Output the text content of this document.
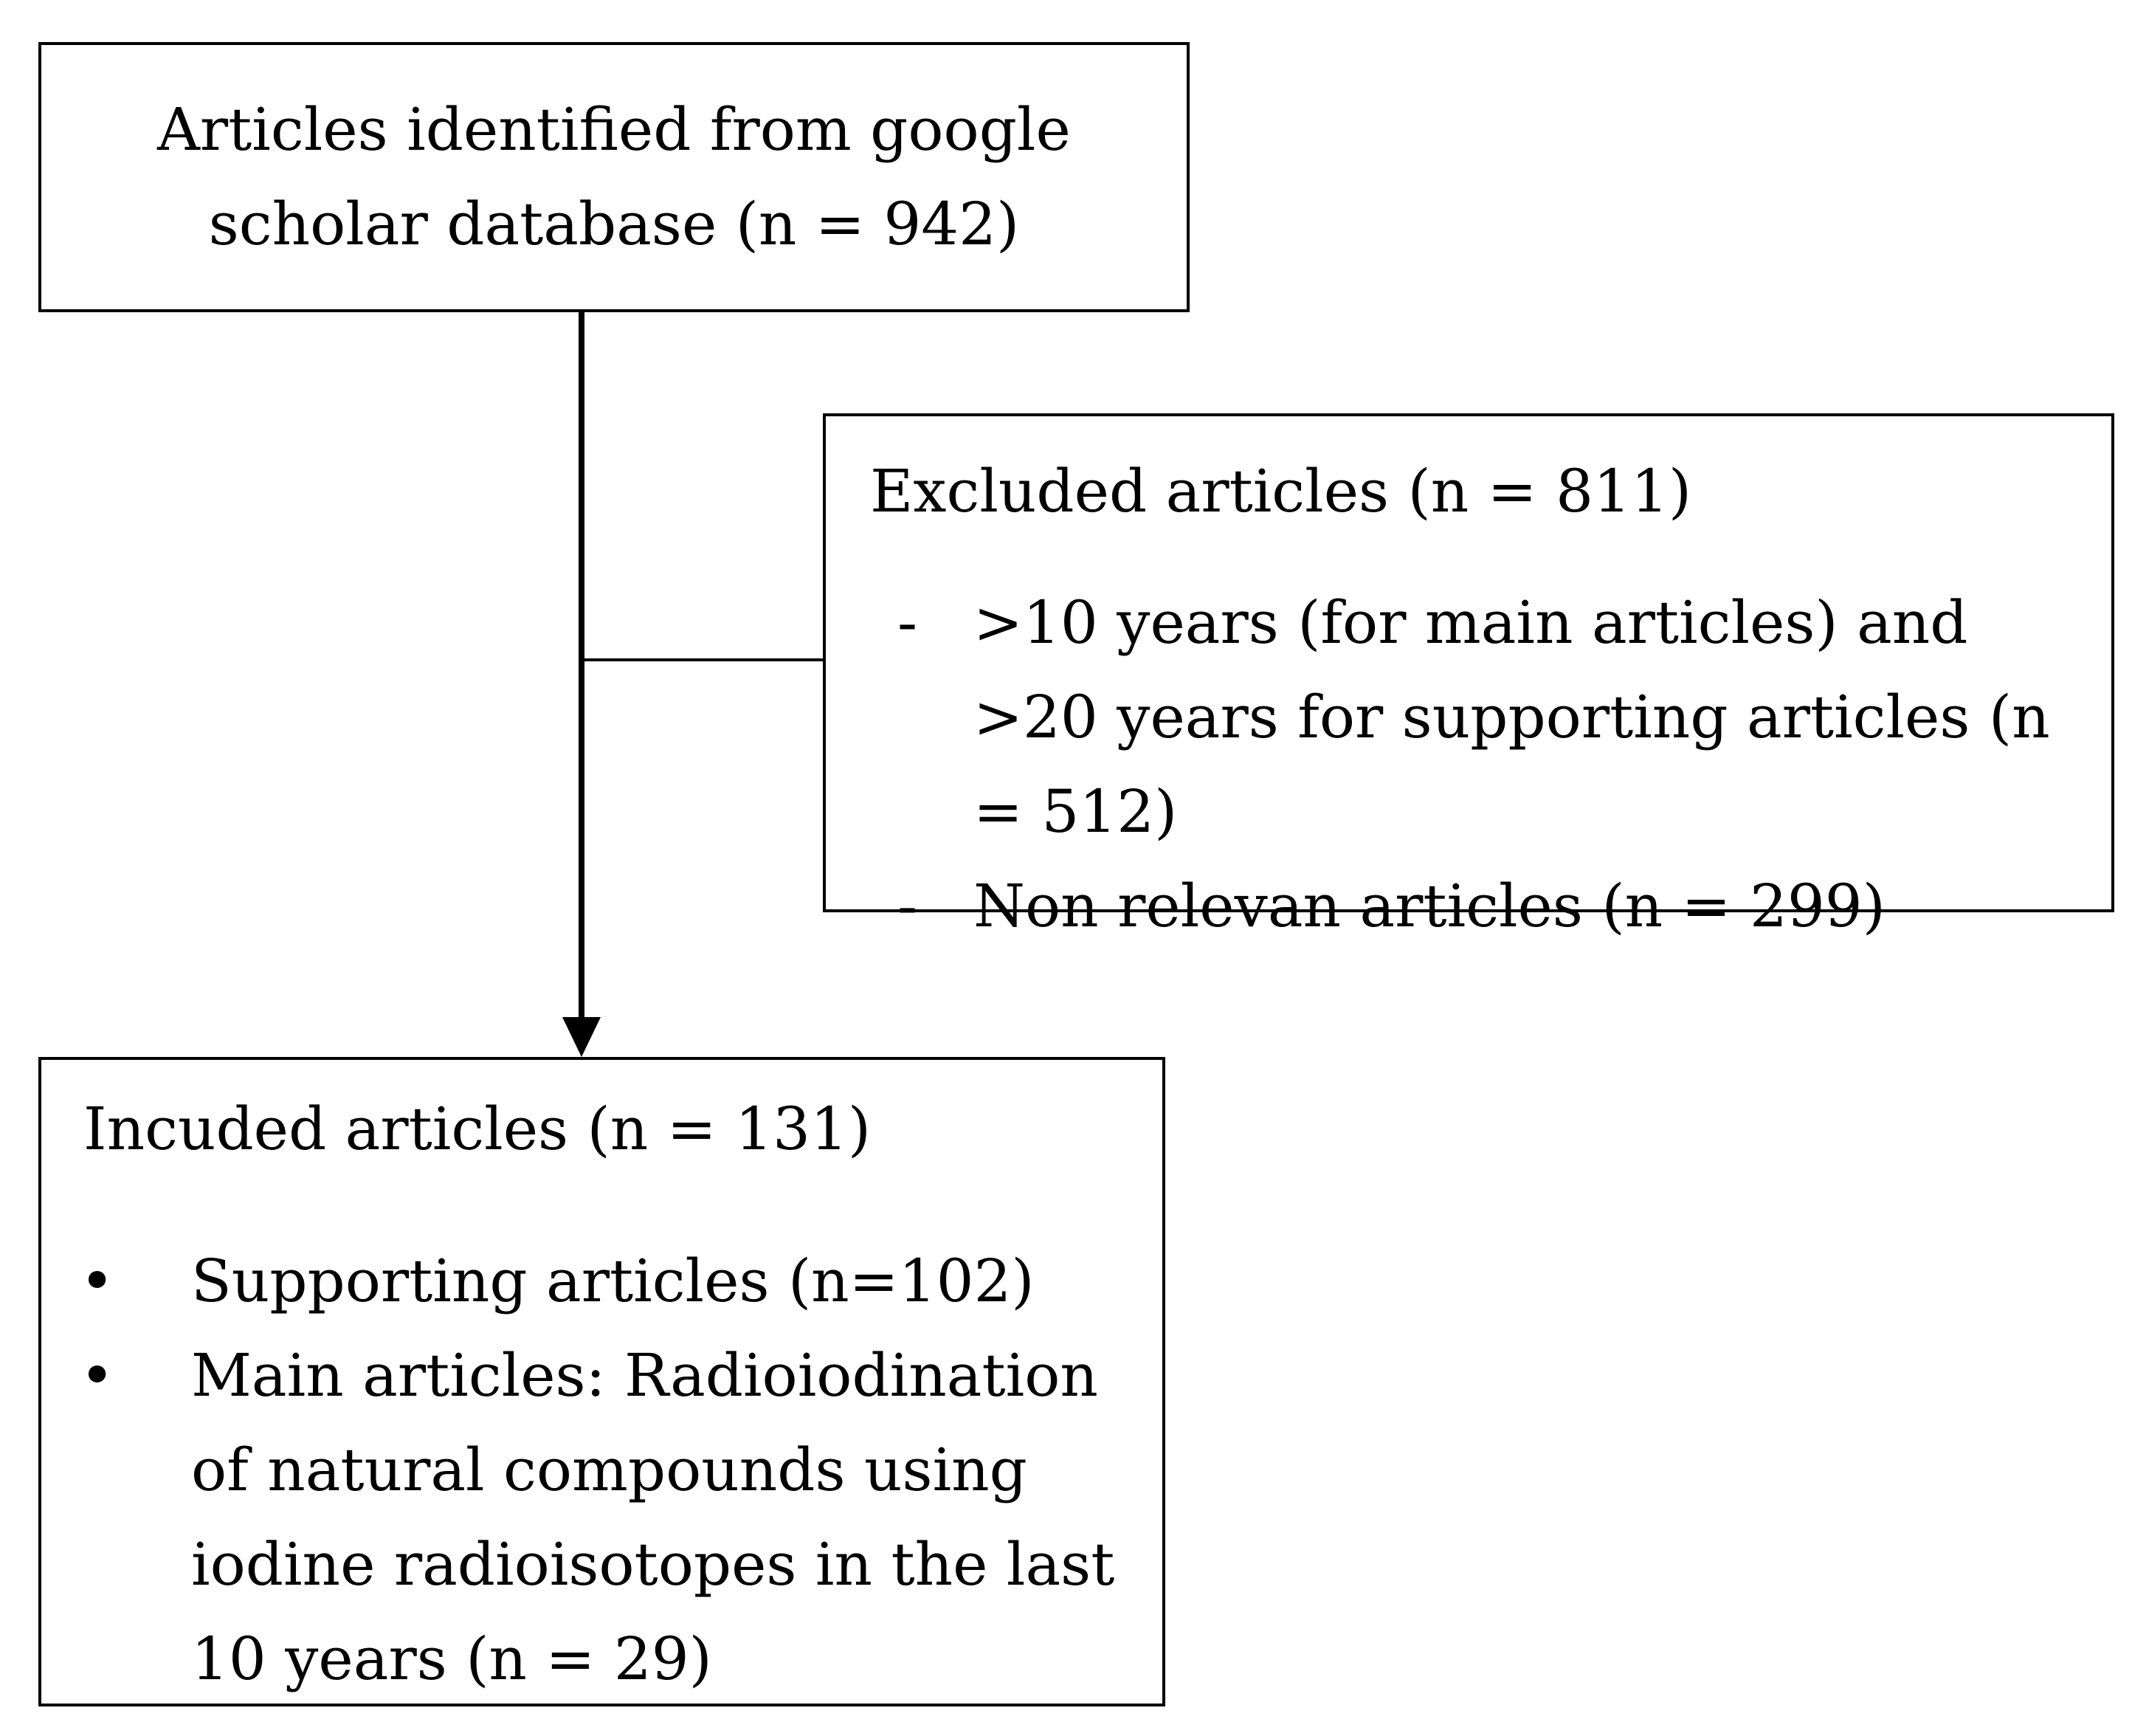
Articles identified from google
scholar database (n = 942)
Excluded articles (n = 811)
- >10 years (for main articles) and >20 years for supporting articles (n = 512)
- Non relevan articles (n = 299)
Incuded articles (n = 131)
• Supporting articles (n=102)
• Main articles: Radioiodination of natural compounds using iodine radioisotopes in the last 10 years (n = 29)
